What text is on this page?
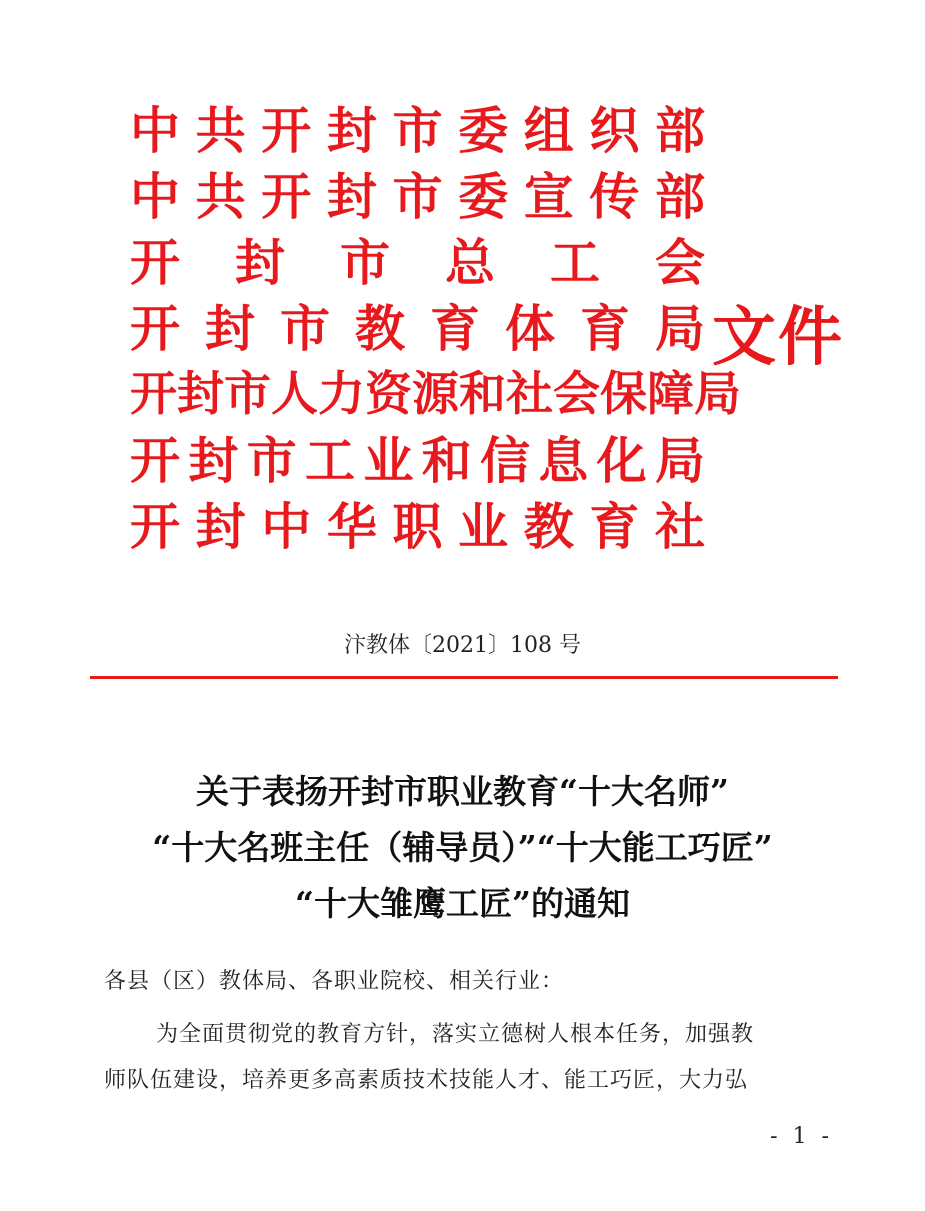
中 共 开 封 市 委 组 织 部
中 共 开 封 市 委 宣 传 部
开 封 市 总 工 会
开 封 市 教 育 体 育 局
开 封 市 人 力 资 源 和 社 会 保 障 局
开 封 市 工 业 和 信 息 化 局
开 封 中 华 职 业 教 育 社
文件
汴教体〔2021〕108 号
关于表扬开封市职业教育“十大名师”
“十大名班主任（辅导员）”“十大能工巧匠”
“十大雏鹰工匠”的通知
各县（区）教体局、各职业院校、相关行业：
为全面贯彻党的教育方针，落实立德树人根本任务，加强教
师队伍建设，培养更多高素质技术技能人才、能工巧匠，大力弘
- 1 -
